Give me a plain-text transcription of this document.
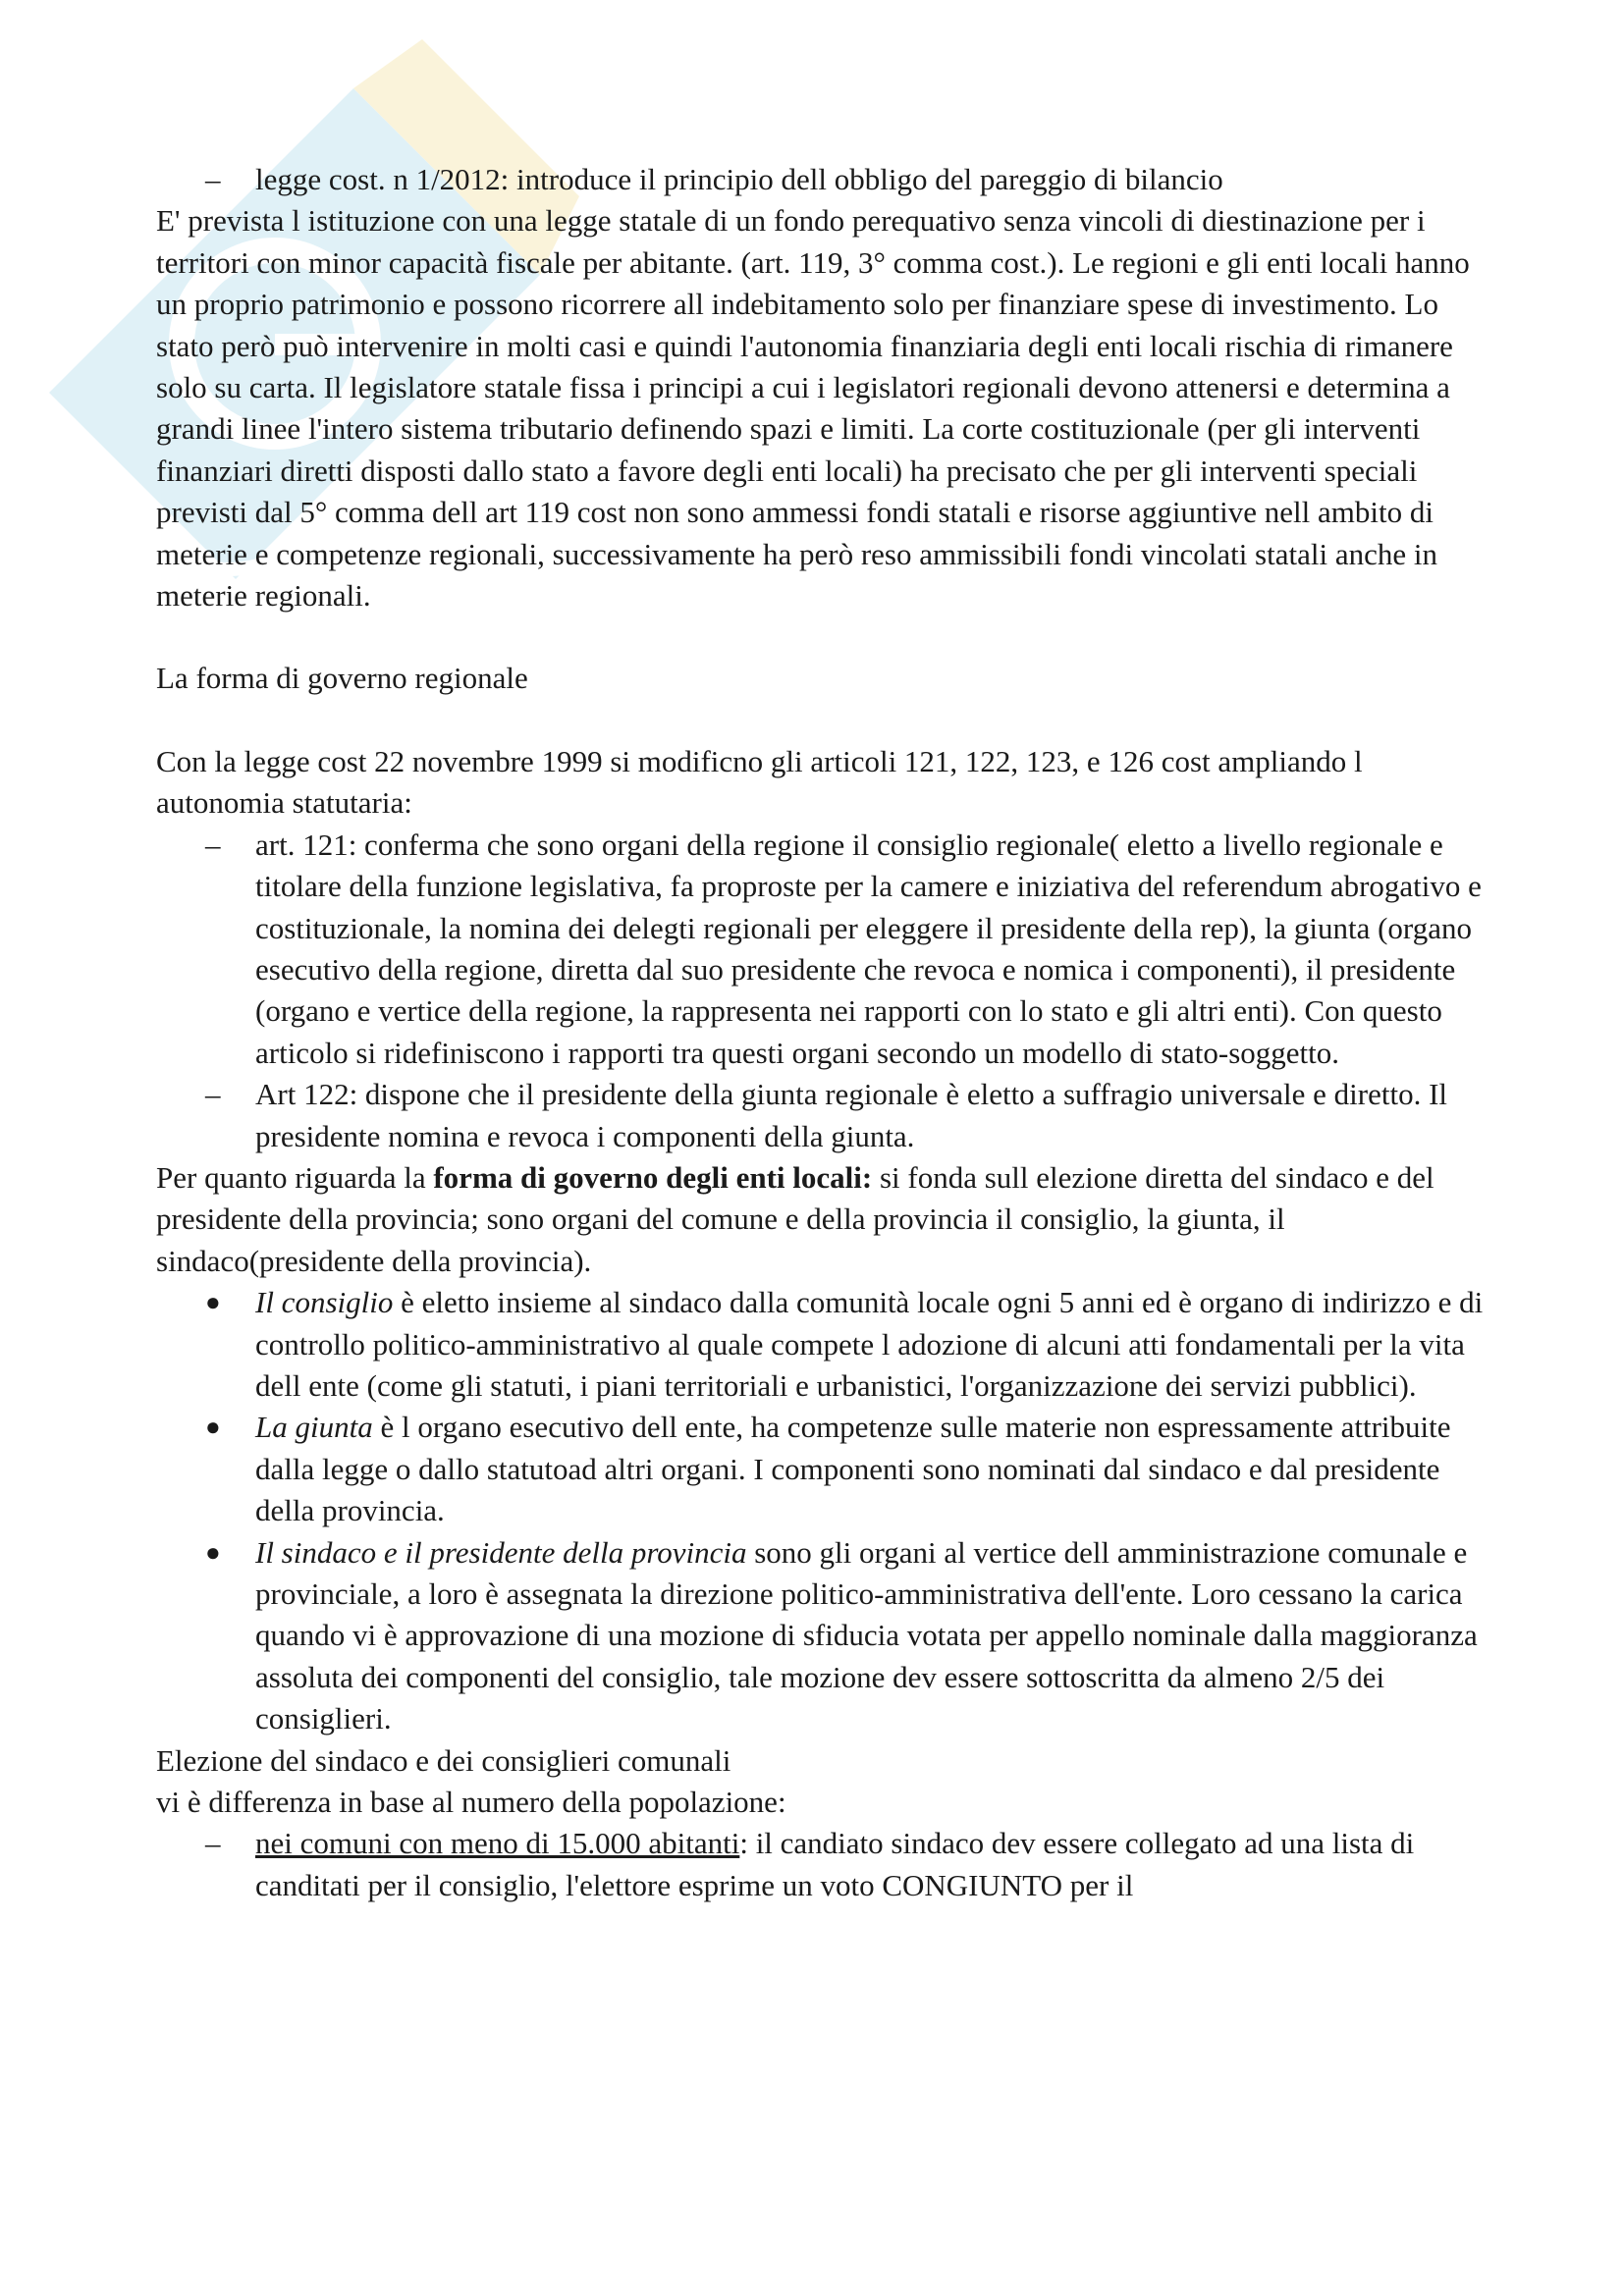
–	legge cost. n 1/2012: introduce il principio dell obbligo del pareggio di bilancio

E' prevista l istituzione con una legge statale di un fondo perequativo senza vincoli di diestinazione per i territori con minor capacità fiscale per abitante. (art. 119, 3° comma cost.). Le regioni e gli enti locali hanno un proprio patrimonio e possono ricorrere all indebitamento solo per finanziare spese di investimento. Lo stato però può intervenire in molti casi e quindi l'autonomia finanziaria degli enti locali rischia di rimanere solo su carta. Il legislatore statale fissa i principi a cui i legislatori regionali devono attenersi e determina a grandi linee l'intero sistema tributario definendo spazi e limiti. La corte costituzionale (per gli interventi finanziari diretti disposti dallo stato a favore degli enti locali) ha precisato che per gli interventi speciali previsti dal 5° comma dell art 119 cost non sono ammessi fondi statali e risorse aggiuntive nell ambito di meterie e competenze regionali, successivamente ha però reso ammissibili fondi vincolati statali anche in meterie regionali.

La forma di governo regionale

Con la legge cost 22 novembre 1999 si modificno gli articoli 121, 122, 123, e 126 cost ampliando l autonomia statutaria:

–	art. 121: conferma che sono organi della regione il consiglio regionale( eletto a livello regionale e titolare della funzione legislativa, fa proproste per la camere e iniziativa del referendum abrogativo e costituzionale, la nomina dei delegti regionali per eleggere il presidente della rep), la giunta (organo esecutivo della regione, diretta dal suo presidente che revoca e nomica i componenti), il presidente (organo e vertice della regione, la rappresenta nei rapporti con lo stato e gli altri enti). Con questo articolo si ridefiniscono i rapporti tra questi organi secondo un modello di stato-soggetto.
–	Art 122: dispone che il presidente della giunta regionale è eletto a suffragio universale e diretto. Il presidente nomina e revoca i componenti della giunta.

Per quanto riguarda la forma di governo degli enti locali: si fonda sull elezione diretta del sindaco e del presidente della provincia; sono organi del comune e della provincia il consiglio, la giunta, il sindaco(presidente della provincia).

●	Il consiglio è eletto insieme al sindaco dalla comunità locale ogni 5 anni ed è organo di indirizzo e di controllo politico-amministrativo al quale compete l adozione di alcuni atti fondamentali per la vita dell ente (come gli statuti, i piani territoriali e urbanistici, l'organizzazione dei servizi pubblici).
●	La giunta è l organo esecutivo dell ente, ha competenze sulle materie non espressamente attribuite dalla legge o dallo statutoad altri organi. I componenti sono nominati dal sindaco e dal presidente della provincia.
●	Il sindaco e il presidente della provincia sono gli organi al vertice dell amministrazione comunale e provinciale, a loro è assegnata la direzione politico-amministrativa dell'ente. Loro cessano la carica quando vi è approvazione di una mozione di sfiducia votata per appello nominale dalla maggioranza assoluta dei componenti del consiglio, tale mozione dev essere sottoscritta da almeno 2/5 dei consiglieri.

Elezione del sindaco e dei consiglieri comunali

vi è differenza in base al numero della popolazione:

–	nei comuni con meno di 15.000 abitanti: il candiato sindaco dev essere collegato ad una lista di canditati per il consiglio, l'elettore esprime un voto CONGIUNTO per il
